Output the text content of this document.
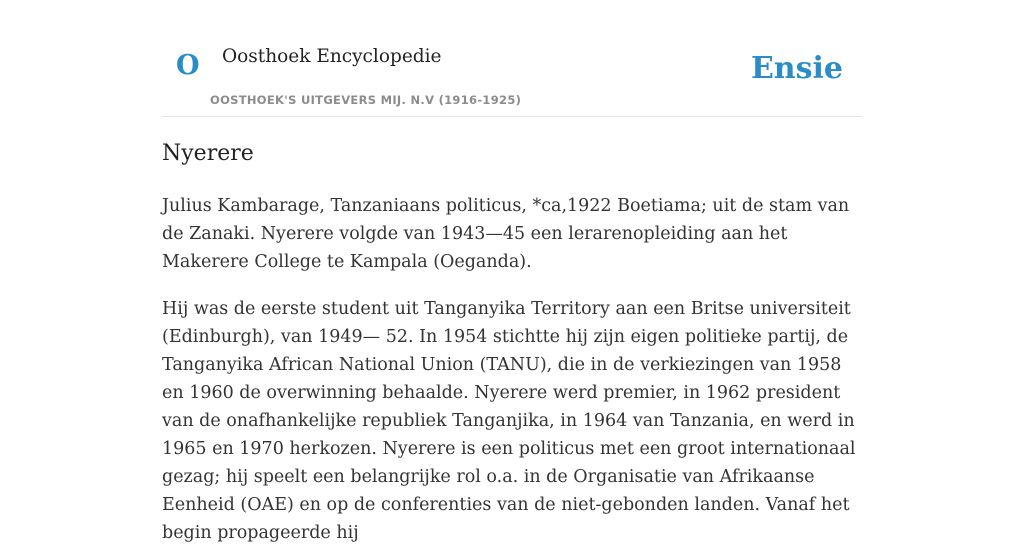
O Oosthoek Encyclopedie
OOSTHOEK'S UITGEVERS MIJ. N.V (1916-1925)
Ensie
Nyerere

Julius Kambarage, Tanzaniaans politicus, *ca,1922 Boetiama; uit de stam van de Zanaki. Nyerere volgde van 1943—45 een lerarenopleiding aan het Makerere College te Kampala (Oeganda).

Hij was de eerste student uit Tanganyika Territory aan een Britse universiteit (Edinburgh), van 1949— 52. In 1954 stichtte hij zijn eigen politieke partij, de Tanganyika African National Union (TANU), die in de verkiezingen van 1958 en 1960 de overwinning behaalde. Nyerere werd premier, in 1962 president van de onafhankelijke republiek Tanganjika, in 1964 van Tanzania, en werd in 1965 en 1970 herkozen. Nyerere is een politicus met een groot internationaal gezag; hij speelt een belangrijke rol o.a. in de Organisatie van Afrikaanse Eenheid (OAE) en op de conferenties van de niet-gebonden landen. Vanaf het begin propageerde hij
